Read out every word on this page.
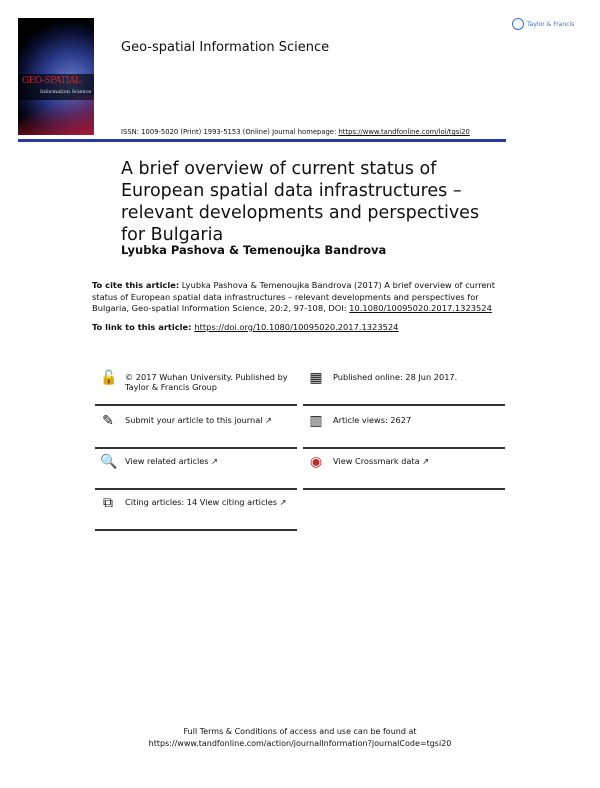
GEO-SPATIAL
Information Science
Geo-spatial Information Science
Taylor & Francis
ISSN: 1009-5020 (Print) 1993-5153 (Online) Journal homepage: https://www.tandfonline.com/loi/tgsi20
A brief overview of current status of European spatial data infrastructures – relevant developments and perspectives for Bulgaria
Lyubka Pashova & Temenoujka Bandrova
To cite this article: Lyubka Pashova & Temenoujka Bandrova (2017) A brief overview of current status of European spatial data infrastructures – relevant developments and perspectives for Bulgaria, Geo-spatial Information Science, 20:2, 97-108, DOI: 10.1080/10095020.2017.1323524
To link to this article: https://doi.org/10.1080/10095020.2017.1323524
🔓 © 2017 Wuhan University. Published by Taylor & Francis Group
▦ Published online: 28 Jun 2017.
✎ Submit your article to this journal ↗	▥ Article views: 2627
🔍 View related articles ↗	◉ View Crossmark data ↗
⧉	Citing articles: 14 View citing articles ↗
Full Terms & Conditions of access and use can be found at
https://www.tandfonline.com/action/journalInformation?journalCode=tgsi20
